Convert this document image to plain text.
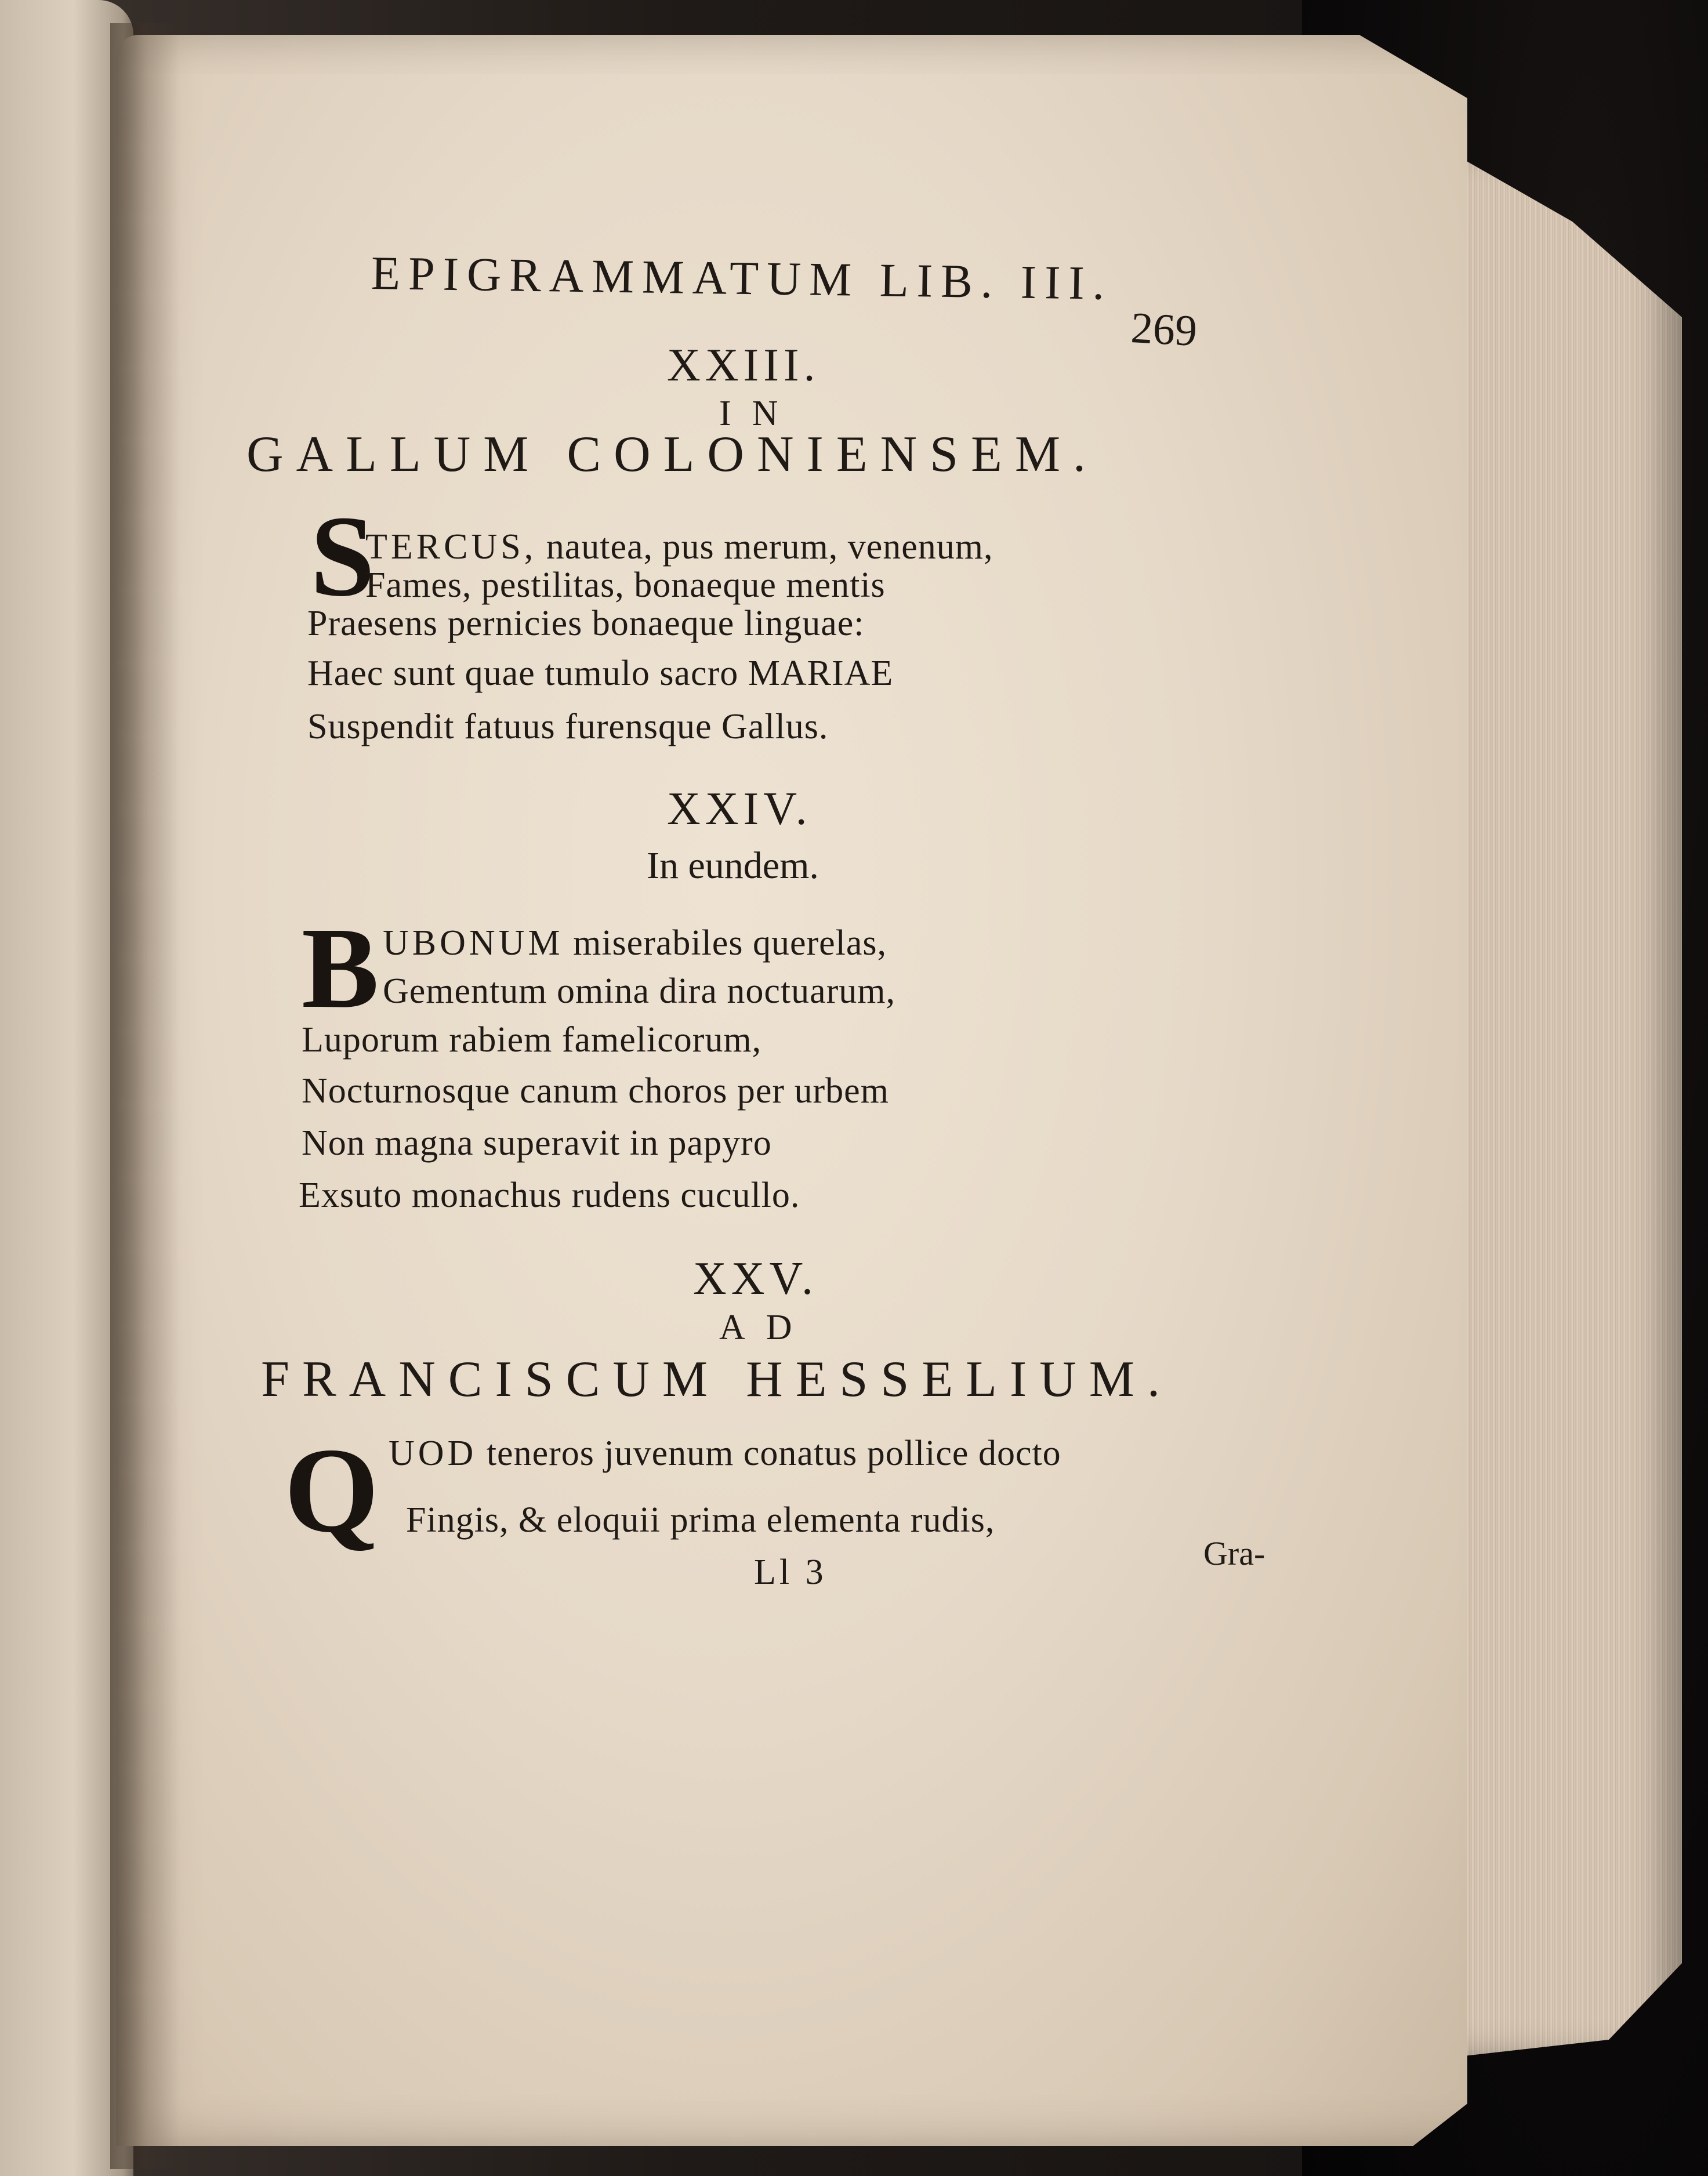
EPIGRAMMATUM LIB. III.

269

XXIII.

IN

GALLUM COLONIENSEM.

S

TERCUS, nautea, pus merum, venenum,

Fames, pestilitas, bonaeque mentis

Praesens pernicies bonaeque linguae:

Haec sunt quae tumulo sacro MARIAE

Suspendit fatuus furensque Gallus.

XXIV.

In eundem.

B UBONUM miserabiles querelas,

Gementum omina dira noctuarum,

Luporum rabiem famelicorum,

Nocturnosque canum choros per urbem

Non magna superavit in papyro

Exsuto monachus rudens cucullo.

XXV.

AD

FRANCISCUM HESSELIUM.

Q UOD teneros juvenum conatus pollice docto

Fingis, & eloquii prima elementa rudis,

Ll 3	Gra-
